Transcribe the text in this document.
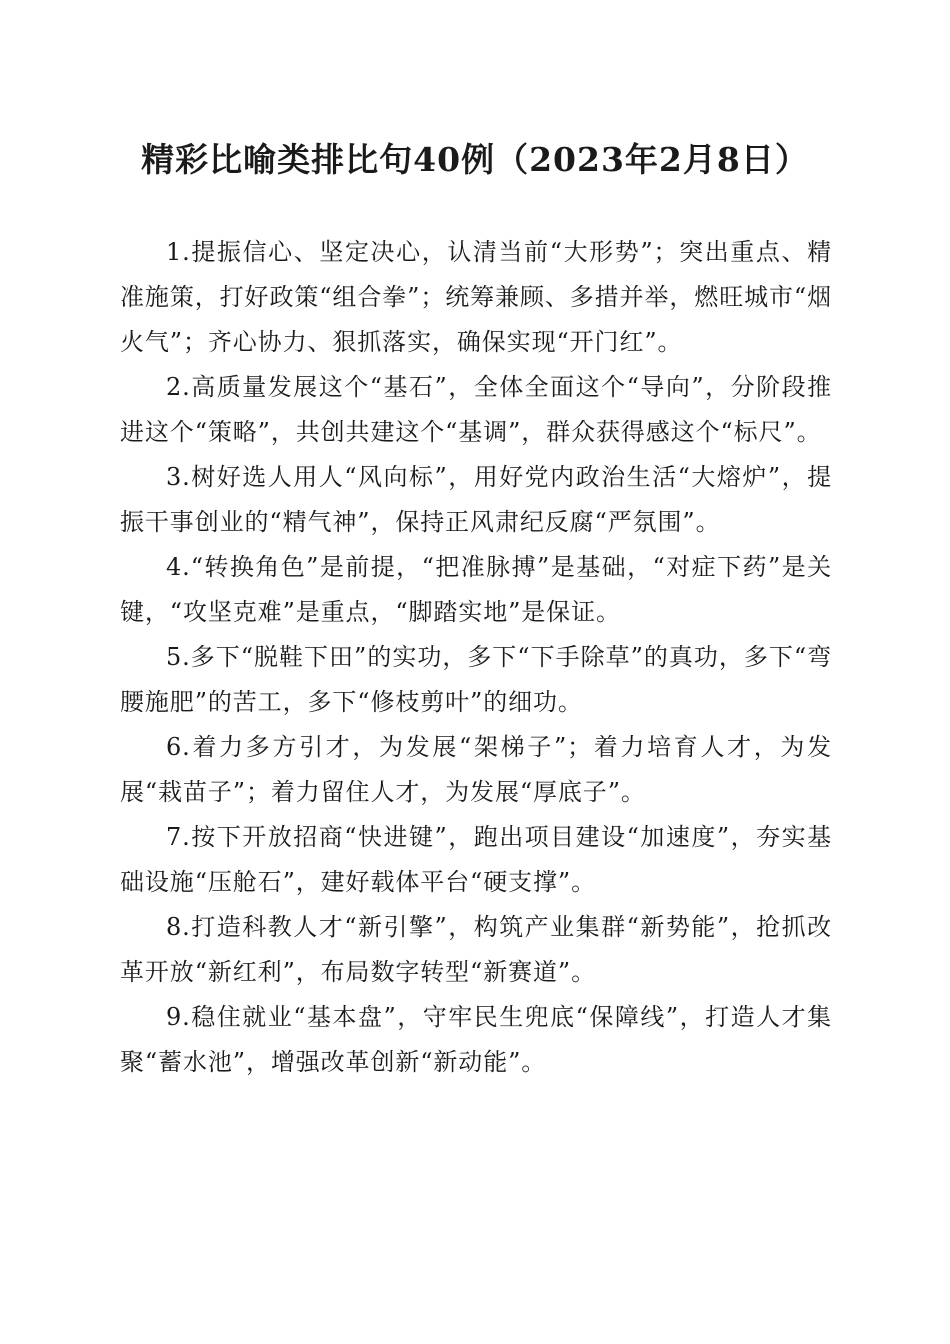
精彩比喻类排比句40例（2023年2月8日）

1.提振信心、坚定决心，认清当前“大形势”；突出重点、精准施策，打好政策“组合拳”；统筹兼顾、多措并举，燃旺城市“烟火气”；齐心协力、狠抓落实，确保实现“开门红”。

2.高质量发展这个“基石”，全体全面这个“导向”，分阶段推进这个“策略”，共创共建这个“基调”，群众获得感这个“标尺”。

3.树好选人用人“风向标”，用好党内政治生活“大熔炉”，提振干事创业的“精气神”，保持正风肃纪反腐“严氛围”。

4.“转换角色”是前提，“把准脉搏”是基础，“对症下药”是关键，“攻坚克难”是重点，“脚踏实地”是保证。

5.多下“脱鞋下田”的实功，多下“下手除草”的真功，多下“弯腰施肥”的苦工，多下“修枝剪叶”的细功。

6.着力多方引才，为发展“架梯子”；着力培育人才，为发展“栽苗子”；着力留住人才，为发展“厚底子”。

7.按下开放招商“快进键”，跑出项目建设“加速度”，夯实基础设施“压舱石”，建好载体平台“硬支撑”。

8.打造科教人才“新引擎”，构筑产业集群“新势能”，抢抓改革开放“新红利”，布局数字转型“新赛道”。

9.稳住就业“基本盘”，守牢民生兜底“保障线”，打造人才集聚“蓄水池”，增强改革创新“新动能”。
